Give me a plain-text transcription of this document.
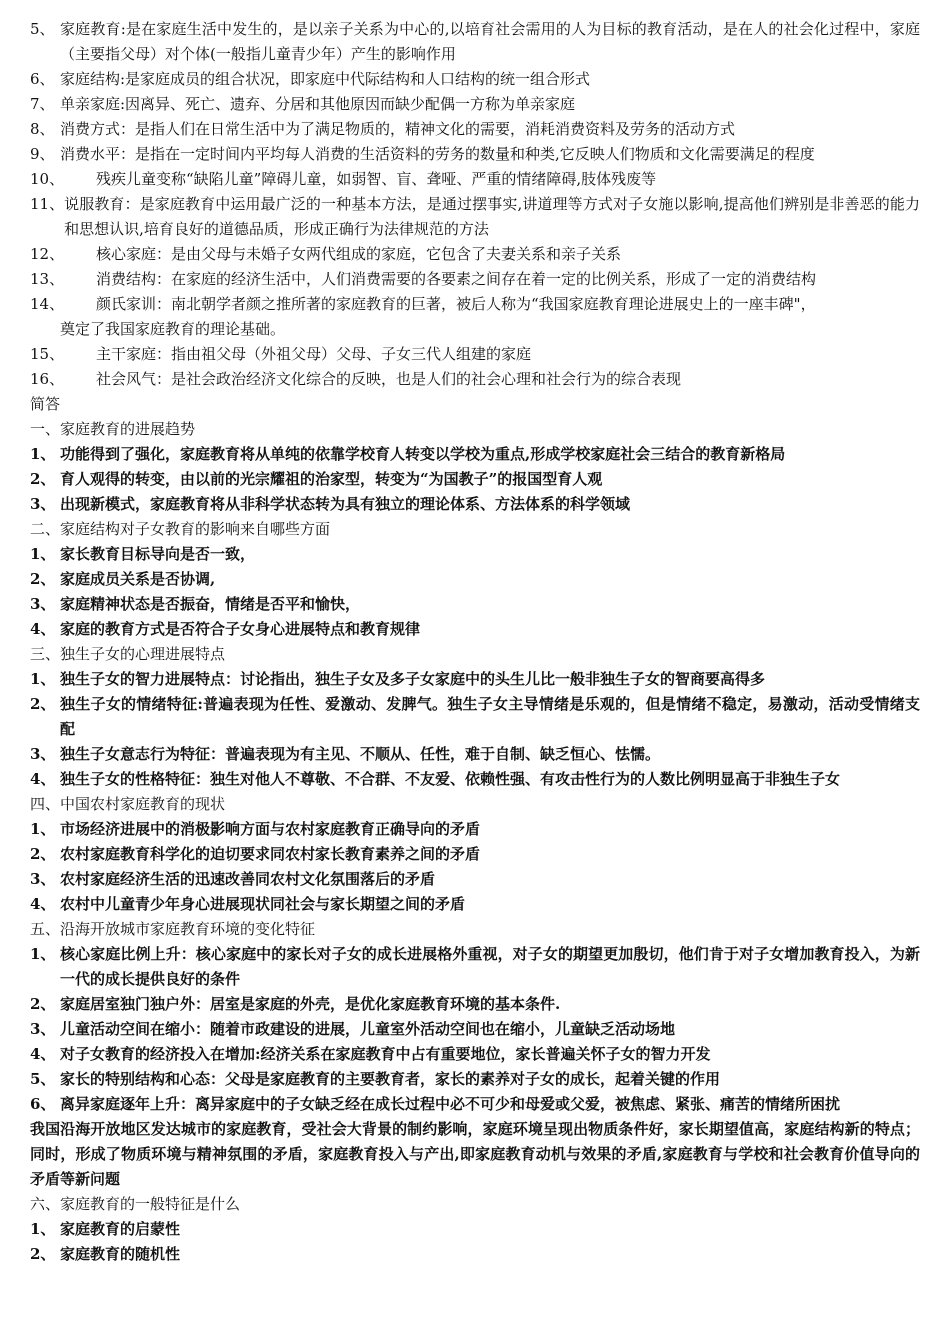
5、 家庭教育:是在家庭生活中发生的，是以亲子关系为中心的,以培育社会需用的人为目标的教育活动，是在人的社会化过程中，家庭（主要指父母）对个体(一般指儿童青少年）产生的影响作用
6、 家庭结构:是家庭成员的组合状况，即家庭中代际结构和人口结构的统一组合形式
7、 单亲家庭:因离异、死亡、遗弃、分居和其他原因而缺少配偶一方称为单亲家庭
8、 消费方式：是指人们在日常生活中为了满足物质的，精神文化的需要，消耗消费资料及劳务的活动方式
9、 消费水平：是指在一定时间内平均每人消费的生活资料的劳务的数量和种类,它反映人们物质和文化需要满足的程度
10、	残疾儿童变称“缺陷儿童”障碍儿童，如弱智、盲、聋哑、严重的情绪障碍,肢体残废等
11、 说服教育：是家庭教育中运用最广泛的一种基本方法，是通过摆事实,讲道理等方式对子女施以影响,提高他们辨别是非善恶的能力和思想认识,培育良好的道德品质，形成正确行为法律规范的方法
12、	核心家庭：是由父母与未婚子女两代组成的家庭，它包含了夫妻关系和亲子关系
13、	消费结构：在家庭的经济生活中，人们消费需要的各要素之间存在着一定的比例关系，形成了一定的消费结构
14、	颜氏家训：南北朝学者颜之推所著的家庭教育的巨著，被后人称为“我国家庭教育理论进展史上的一座丰碑"，
奠定了我国家庭教育的理论基础。
15、	主干家庭：指由祖父母（外祖父母）父母、子女三代人组建的家庭
16、	社会风气：是社会政治经济文化综合的反映，也是人们的社会心理和社会行为的综合表现
简答
一、家庭教育的进展趋势
1、 功能得到了强化，家庭教育将从单纯的依靠学校育人转变以学校为重点,形成学校家庭社会三结合的教育新格局
2、 育人观得的转变，由以前的光宗耀祖的治家型，转变为“为国教子”的报国型育人观
3、 出现新模式，家庭教育将从非科学状态转为具有独立的理论体系、方法体系的科学领域
二、家庭结构对子女教育的影响来自哪些方面
1、 家长教育目标导向是否一致，
2、 家庭成员关系是否协调,
3、 家庭精神状态是否振奋，情绪是否平和愉快，
4、 家庭的教育方式是否符合子女身心进展特点和教育规律
三、独生子女的心理进展特点
1、 独生子女的智力进展特点：讨论指出，独生子女及多子女家庭中的头生儿比一般非独生子女的智商要高得多
2、 独生子女的情绪特征:普遍表现为任性、爱激动、发脾气。独生子女主导情绪是乐观的，但是情绪不稳定，易激动，活动受情绪支配
3、 独生子女意志行为特征：普遍表现为有主见、不顺从、任性，难于自制、缺乏恒心、怯懦。
4、 独生子女的性格特征：独生对他人不尊敬、不合群、不友爱、依赖性强、有攻击性行为的人数比例明显高于非独生子女
四、中国农村家庭教育的现状
1、 市场经济进展中的消极影响方面与农村家庭教育正确导向的矛盾
2、 农村家庭教育科学化的迫切要求同农村家长教育素养之间的矛盾
3、 农村家庭经济生活的迅速改善同农村文化氛围落后的矛盾
4、 农村中儿童青少年身心进展现状同社会与家长期望之间的矛盾
五、沿海开放城市家庭教育环境的变化特征
1、 核心家庭比例上升：核心家庭中的家长对子女的成长进展格外重视，对子女的期望更加殷切，他们肯于对子女增加教育投入，为新一代的成长提供良好的条件
2、 家庭居室独门独户外：居室是家庭的外壳，是优化家庭教育环境的基本条件.
3、 儿童活动空间在缩小：随着市政建设的进展，儿童室外活动空间也在缩小，儿童缺乏活动场地
4、 对子女教育的经济投入在增加:经济关系在家庭教育中占有重要地位，家长普遍关怀子女的智力开发
5、 家长的特别结构和心态：父母是家庭教育的主要教育者，家长的素养对子女的成长，起着关键的作用
6、 离异家庭逐年上升：离异家庭中的子女缺乏经在成长过程中必不可少和母爱或父爱，被焦虑、紧张、痛苦的情绪所困扰
我国沿海开放地区发达城市的家庭教育，受社会大背景的制约影响，家庭环境呈现出物质条件好，家长期望值高，家庭结构新的特点；同时，形成了物质环境与精神氛围的矛盾，家庭教育投入与产出,即家庭教育动机与效果的矛盾,家庭教育与学校和社会教育价值导向的矛盾等新问题
六、家庭教育的一般特征是什么
1、 家庭教育的启蒙性
2、 家庭教育的随机性
